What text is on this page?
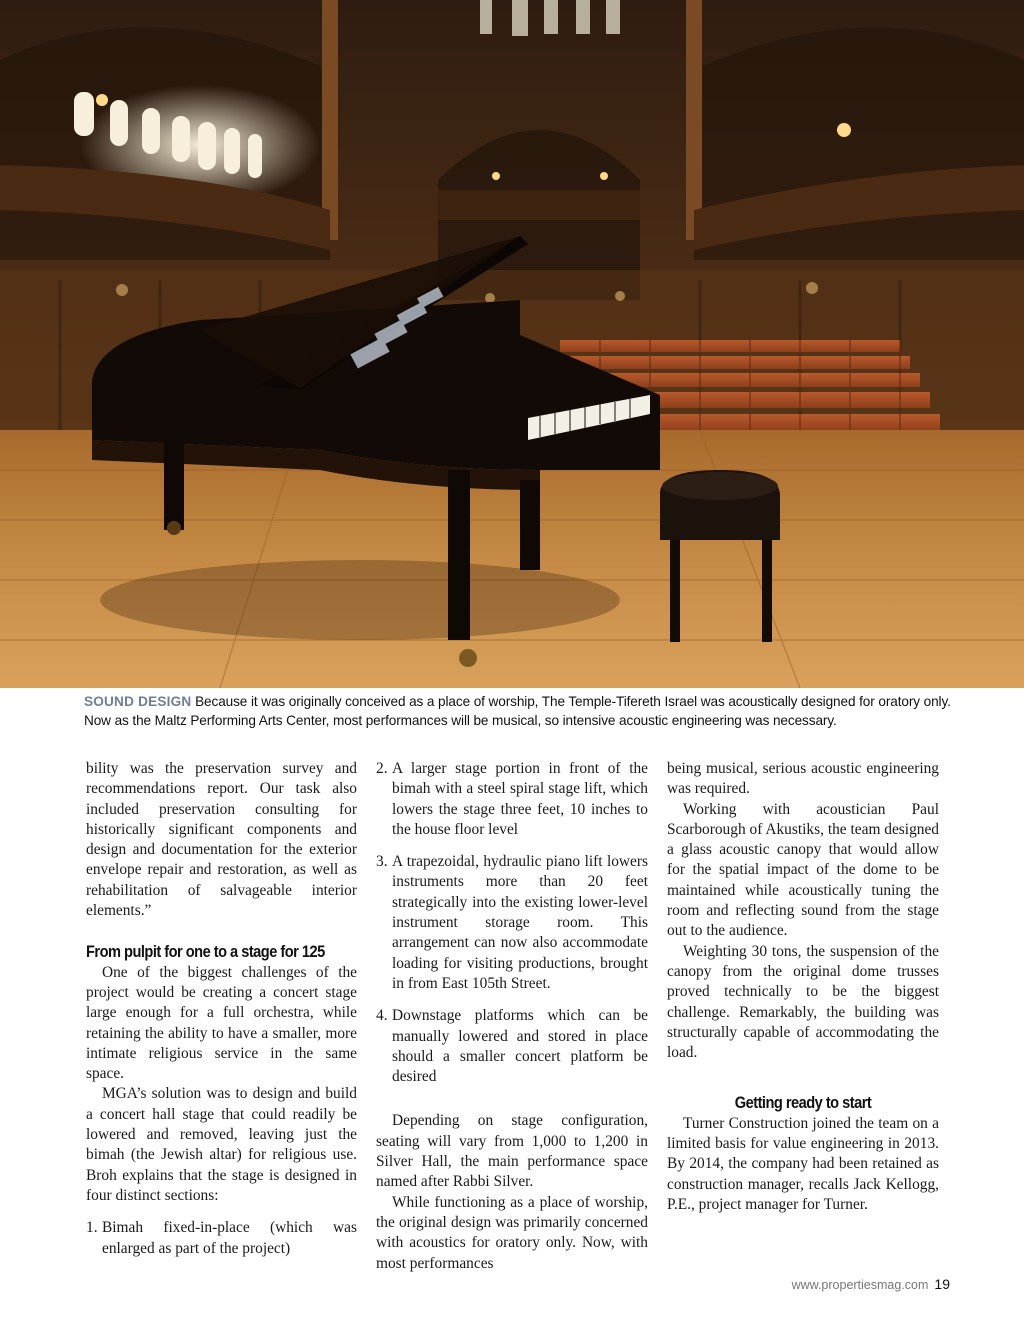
SOUND DESIGN Because it was originally conceived as a place of worship, The Temple-Tifereth Israel was acoustically designed for oratory only. Now as the Maltz Performing Arts Center, most performances will be musical, so intensive acoustic engineering was necessary.

bility was the preservation survey and recommendations report. Our task also included preservation consulting for historically significant components and design and documentation for the exterior envelope repair and restoration, as well as rehabilitation of salvageable interior elements.”

From pulpit for one to a stage for 125

One of the biggest challenges of the project would be creating a concert stage large enough for a full orchestra, while retaining the ability to have a smaller, more intimate religious service in the same space.

MGA’s solution was to design and build a concert hall stage that could readily be lowered and removed, leaving just the bimah (the Jewish altar) for religious use. Broh explains that the stage is designed in four distinct sections:

1. Bimah fixed-in-place (which was enlarged as part of the project)
2. A larger stage portion in front of the bimah with a steel spiral stage lift, which lowers the stage three feet, 10 inches to the house floor level
3. A trapezoidal, hydraulic piano lift lowers instruments more than 20 feet strategically into the existing lower-level instrument storage room. This arrangement can now also accommodate loading for visiting productions, brought in from East 105th Street.
4. Downstage platforms which can be manually lowered and stored in place should a smaller concert platform be desired

Depending on stage configuration, seating will vary from 1,000 to 1,200 in Silver Hall, the main performance space named after Rabbi Silver.

While functioning as a place of worship, the original design was primarily concerned with acoustics for oratory only. Now, with most performances

being musical, serious acoustic engineering was required.

Working with acoustician Paul Scarborough of Akustiks, the team designed a glass acoustic canopy that would allow for the spatial impact of the dome to be maintained while acoustically tuning the room and reflecting sound from the stage out to the audience.

Weighting 30 tons, the suspension of the canopy from the original dome trusses proved technically to be the biggest challenge. Remarkably, the building was structurally capable of accommodating the load.

Getting ready to start

Turner Construction joined the team on a limited basis for value engineering in 2013. By 2014, the company had been retained as construction manager, recalls Jack Kellogg, P.E., project manager for Turner.

www.propertiesmag.com 19
